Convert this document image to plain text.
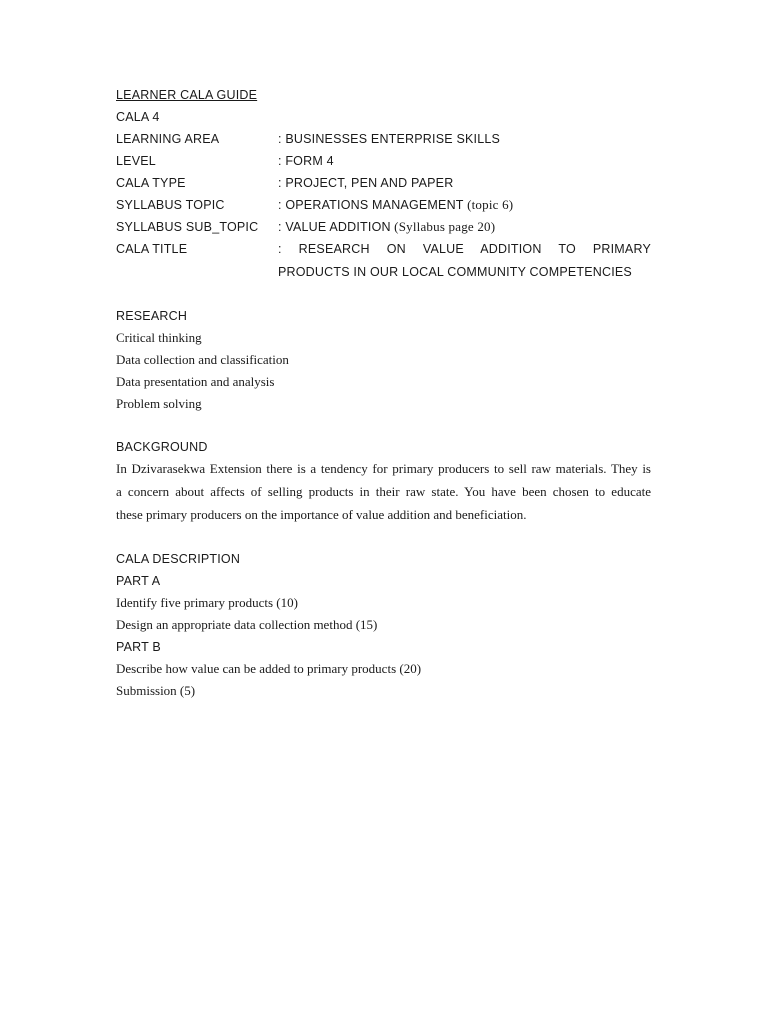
LEARNER CALA GUIDE
CALA 4
LEARNING AREA	: BUSINESSES ENTERPRISE SKILLS
LEVEL	: FORM 4
CALA TYPE	: PROJECT, PEN AND PAPER
SYLLABUS TOPIC	: OPERATIONS MANAGEMENT (topic 6)
SYLLABUS SUB_TOPIC	: VALUE ADDITION (Syllabus page 20)
CALA TITLE	: RESEARCH ON VALUE ADDITION TO PRIMARY
PRODUCTS IN OUR LOCAL COMMUNITY COMPETENCIES
RESEARCH
Critical thinking
Data collection and classification
Data presentation and analysis
Problem solving
BACKGROUND
In Dzivarasekwa Extension there is a tendency for primary producers to sell raw materials. They is
a concern about affects of selling products in their raw state. You have been chosen to educate
these primary producers on the importance of value addition and beneficiation.
CALA DESCRIPTION
PART A
Identify five primary products (10)
Design an appropriate data collection method (15)
PART B
Describe how value can be added to primary products (20)
Submission (5)
